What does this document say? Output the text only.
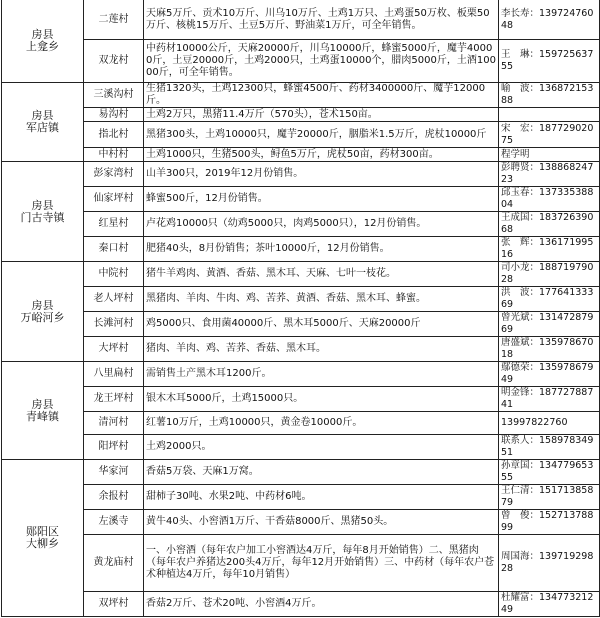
房县
上龛乡	二莲村	天麻5万斤、贡术10万斤、川乌10万斤、土鸡1万只、土鸡蛋50万枚、板栗50万斤、核桃15万斤、土豆5万斤、野油菜1万斤，可全年销售。	李长寿：13972476048
	双龙村	中药材10000公斤，天麻20000斤，川乌10000斤，蜂蜜5000斤，魔芋40000斤，土豆20000斤，土鸡2000只，土鸡蛋10000个，腊肉5000斤，土酒10000斤，可全年销售。	王　琳：15972563755
房县
军店镇	三溪沟村	生猪1320头，土鸡12300只，蜂蜜4500斤、药材3400000斤、魔芋12000斤。	喻　波：13687215388
	易沟村	土鸡2万只，黑猪11.4万斤（570头），苍术150亩。	
	指北村	黑猪300头，土鸡10000只，魔芋20000斤，胭脂米1.5万斤，虎杖10000斤	宋　宏：18772902075
	中村村	土鸡1000只，生猪500头，鲟鱼5万斤，虎杖50亩，药材300亩。	程学明
房县
门古寺镇	彭家湾村	山羊300只，2019年12月份销售。	彭聘贤：13886824723
	仙家坪村	蜂蜜500斤，12月份销售。	邱玉春：13733538804
	红星村	卢花鸡10000只（幼鸡5000只，肉鸡5000只），12月份销售。	王成国：18372639068
	秦口村	肥猪40头，8月份销售；茶叶10000斤，12月份销售。	张　辉：13617199516
房县
万峪河乡	中院村	猪牛羊鸡肉、黄酒、香菇、黑木耳、天麻、七叶一枝花。	司小龙：18871979028
	老人坪村	黑猪肉、羊肉、牛肉、鸡、苦荞、黄酒、香菇、黑木耳、蜂蜜。	洪　波：17764133369
	长滩河村	鸡5000只、食用菌40000斤、黑木耳5000斤、天麻20000斤	曾光斌：13147287969
	大坪村	猪肉、羊肉、鸡、苦荞、香菇、黑木耳。	唐盛斌：13597867018
房县
青峰镇	八里扁村	需销售土产黑木耳1200斤。	鄢德荣：13597867949
	龙王坪村	银木木耳5000斤，土鸡15000只。	明金锋：18772788741
	清河村	红薯10万斤，土鸡10000只，黄金卷10000斤。	13997822760
	阳坪村	土鸡2000只。	联系人：15897834951
郧阳区
大柳乡	华家河	香菇5万袋、天麻1万窝。	孙章国：13477965355
	余报村	甜柿子30吨、水果2吨、中药材6吨。	王仁清：15171385879
	左溪寺	黄牛40头、小窖酒1万斤、干香菇8000斤、黑猪50头。	曾　俊：15271378899
	黄龙庙村	一、小窖酒（每年农户加工小窖酒达4万斤，每年8月开始销售）二、黑猪肉（每年农户养猪达200头4万斤，每年12月开始销售）三、中药材（每年农户苍术种植达4万斤，每年10月销售）	周国海：13971929828
	双坪村	香菇2万斤、苍术20吨、小窖酒4万斤。	杜耀富：13477321249
